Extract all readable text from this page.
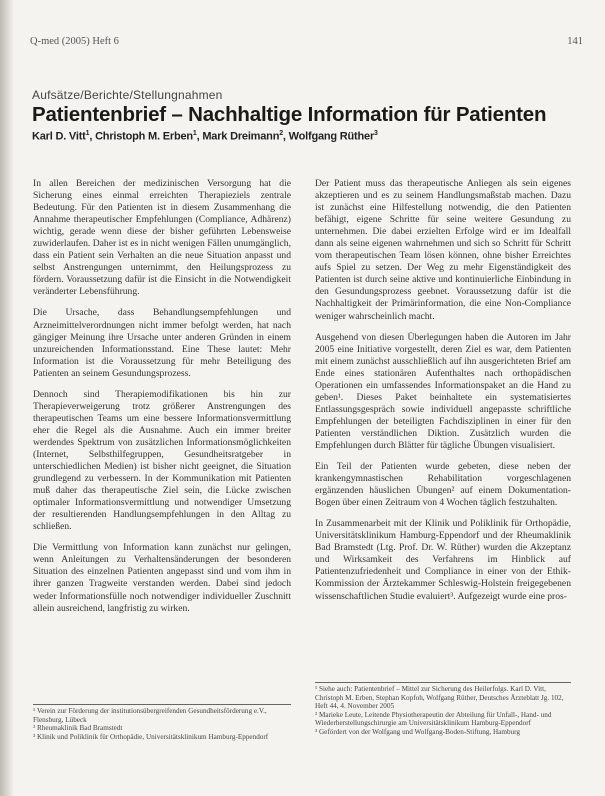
Q-med (2005) Heft 6	141
Aufsätze/Berichte/Stellungnahmen
Patientenbrief – Nachhaltige Information für Patienten
Karl D. Vitt$^1$, Christoph M. Erben$^1$, Mark Dreimann$^2$, Wolfgang Rüther$^3$

In allen Bereichen der medizinischen Versorgung hat die Sicherung eines einmal erreichten Therapieziels zentrale Bedeutung. Für den Patienten ist in diesem Zusammenhang die Annahme therapeutischer Empfehlungen (Compliance, Adhärenz) wichtig, gerade wenn diese der bisher geführten Lebensweise zuwiderlaufen. Daher ist es in nicht wenigen Fällen unumgänglich, dass ein Patient sein Verhalten an die neue Situation anpasst und selbst Anstrengungen unternimmt, den Heilungsprozess zu fördern. Voraussetzung dafür ist die Einsicht in die Notwendigkeit veränderter Lebensführung.

Die Ursache, dass Behandlungsempfehlungen und Arzneimittelverordnungen nicht immer befolgt werden, hat nach gängiger Meinung ihre Ursache unter anderen Gründen in einem unzureichenden Informationsstand. Eine These lautet: Mehr Information ist die Voraussetzung für mehr Beteiligung des Patienten an seinem Gesundungsprozess.

Dennoch sind Therapiemodifikationen bis hin zur Therapieverweigerung trotz größerer Anstrengungen des therapeutischen Teams um eine bessere Informationsvermittlung eher die Regel als die Ausnahme. Auch ein immer breiter werdendes Spektrum von zusätzlichen Informationsmöglichkeiten (Internet, Selbsthilfegruppen, Gesundheitsratgeber in unterschiedlichen Medien) ist bisher nicht geeignet, die Situation grundlegend zu verbessern. In der Kommunikation mit Patienten muß daher das therapeutische Ziel sein, die Lücke zwischen optimaler Informationsvermittlung und notwendiger Umsetzung der resultierenden Handlungsempfehlungen in den Alltag zu schließen.

Die Vermittlung von Information kann zunächst nur gelingen, wenn Anleitungen zu Verhaltensänderungen der besonderen Situation des einzelnen Patienten angepasst sind und vom ihm in ihrer ganzen Tragweite verstanden werden. Dabei sind jedoch weder Informationsfülle noch notwendiger individueller Zuschnitt allein ausreichend, langfristig zu wirken.

Der Patient muss das therapeutische Anliegen als sein eigenes akzeptieren und es zu seinem Handlungsmaßstab machen. Dazu ist zunächst eine Hilfestellung notwendig, die den Patienten befähigt, eigene Schritte für seine weitere Gesundung zu unternehmen. Die dabei erzielten Erfolge wird er im Idealfall dann als seine eigenen wahrnehmen und sich so Schritt für Schritt vom therapeutischen Team lösen können, ohne bisher Erreichtes aufs Spiel zu setzen. Der Weg zu mehr Eigenständigkeit des Patienten ist durch seine aktive und kontinuierliche Einbindung in den Gesundungsprozess geebnet. Voraussetzung dafür ist die Nachhaltigkeit der Primärinformation, die eine Non-Compliance weniger wahrscheinlich macht.

Ausgehend von diesen Überlegungen haben die Autoren im Jahr 2005 eine Initiative vorgestellt, deren Ziel es war, dem Patienten mit einem zunächst ausschließlich auf ihn ausgerichteten Brief am Ende eines stationären Aufenthaltes nach orthopädischen Operationen ein umfassendes Informationspaket an die Hand zu geben¹. Dieses Paket beinhaltete ein systematisiertes Entlassungsgespräch sowie individuell angepasste schriftliche Empfehlungen der beteiligten Fachdisziplinen in einer für den Patienten verständlichen Diktion. Zusätzlich wurden die Empfehlungen durch Blätter für tägliche Übungen visualisiert.

Ein Teil der Patienten wurde gebeten, diese neben der krankengymnastischen Rehabilitation vorgeschlagenen ergänzenden häuslichen Übungen² auf einem Dokumentation-Bogen über einen Zeitraum von 4 Wochen täglich festzuhalten.

In Zusammenarbeit mit der Klinik und Poliklinik für Orthopädie, Universitätsklinikum Hamburg-Eppendorf und der Rheumaklinik Bad Bramstedt (Ltg. Prof. Dr. W. Rüther) wurden die Akzeptanz und Wirksamkeit des Verfahrens im Hinblick auf Patientenzufriedenheit und Compliance in einer von der Ethik-Kommission der Ärztekammer Schleswig-Holstein freigegebenen wissenschaftlichen Studie evaluiert³. Aufgezeigt wurde eine pros-

¹ Verein zur Förderung der institutionsübergreifenden Gesundheitsförderung e.V., Flensburg, Lübeck

² Rheumaklinik Bad Bramstedt

³ Klinik und Poliklinik für Orthopädie, Universitätsklinikum Hamburg-Eppendorf

¹ Siehe auch: Patientenbrief – Mittel zur Sicherung des Heilerfolgs. Karl D. Vitt, Christoph M. Erben, Stephan Kopfoh, Wolfgang Rüther, Deutsches Ärzteblatt Jg. 102, Heft 44, 4. November 2005

² Marieke Leute, Leitende Physiotherapeutin der Abteilung für Unfall-, Hand- und Wiederherstellungschirurgie am Universitätsklinikum Hamburg-Eppendorf

³ Gefördert von der Wolfgang und Wolfgang-Boden-Stiftung, Hamburg
